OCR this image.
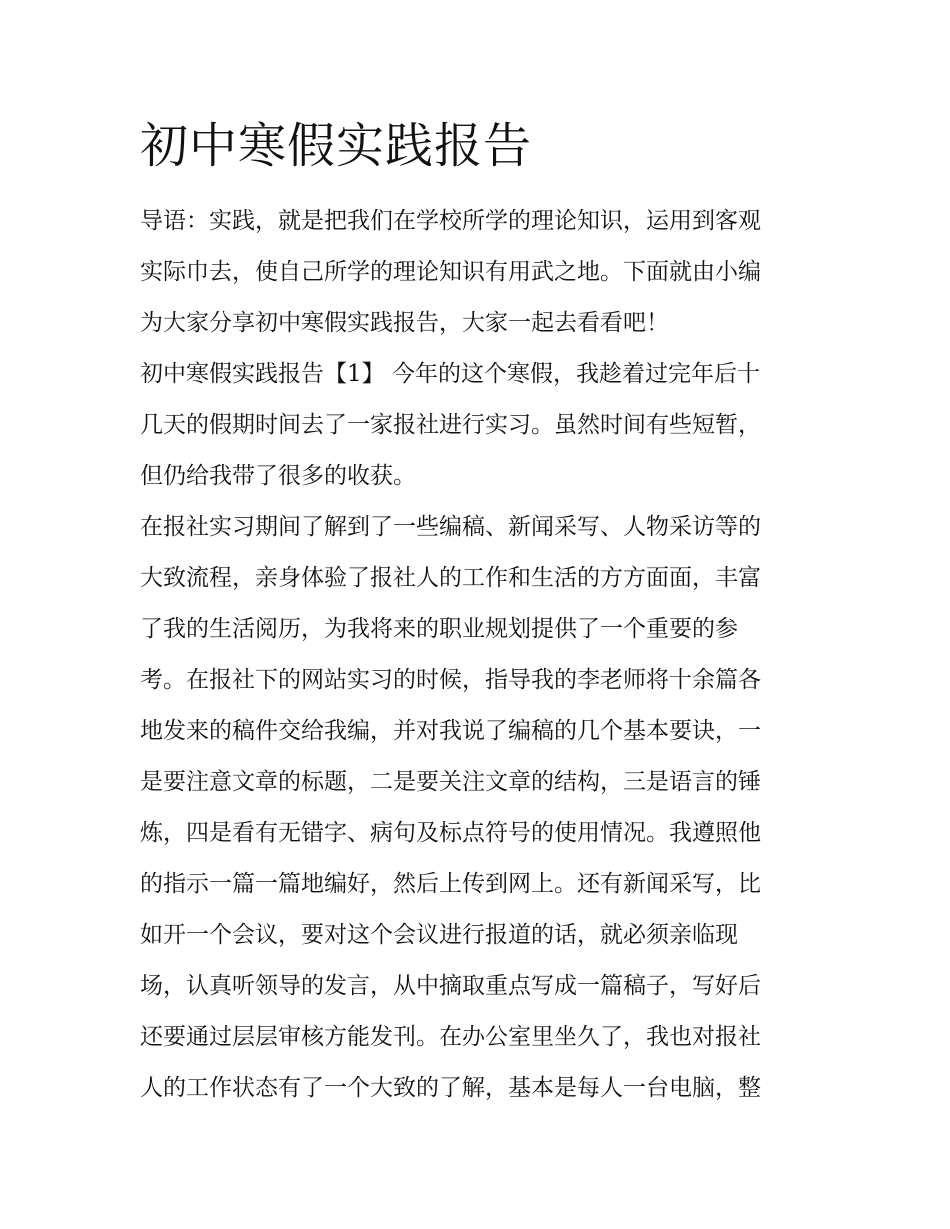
初中寒假实践报告

导语：实践，就是把我们在学校所学的理论知识，运用到客观

实际巾去，使自己所学的理论知识有用武之地。下面就由小编

为大家分享初中寒假实践报告，大家一起去看看吧！

初中寒假实践报告【1】 今年的这个寒假，我趁着过完年后十

几天的假期时间去了一家报社进行实习。虽然时间有些短暂，

但仍给我带了很多的收获。

在报社实习期间了解到了一些编稿、新闻采写、人物采访等的

大致流程，亲身体验了报社人的工作和生活的方方面面，丰富

了我的生活阅历，为我将来的职业规划提供了一个重要的参

考。在报社下的网站实习的时候，指导我的李老师将十余篇各

地发来的稿件交给我编，并对我说了编稿的几个基本要诀，一

是要注意文章的标题，二是要关注文章的结构，三是语言的锤

炼，四是看有无错字、病句及标点符号的使用情况。我遵照他

的指示一篇一篇地编好，然后上传到网上。还有新闻采写，比

如开一个会议，要对这个会议进行报道的话，就必须亲临现

场，认真听领导的发言，从中摘取重点写成一篇稿子，写好后

还要通过层层审核方能发刊。在办公室里坐久了，我也对报社

人的工作状态有了一个大致的了解，基本是每人一台电脑，整
